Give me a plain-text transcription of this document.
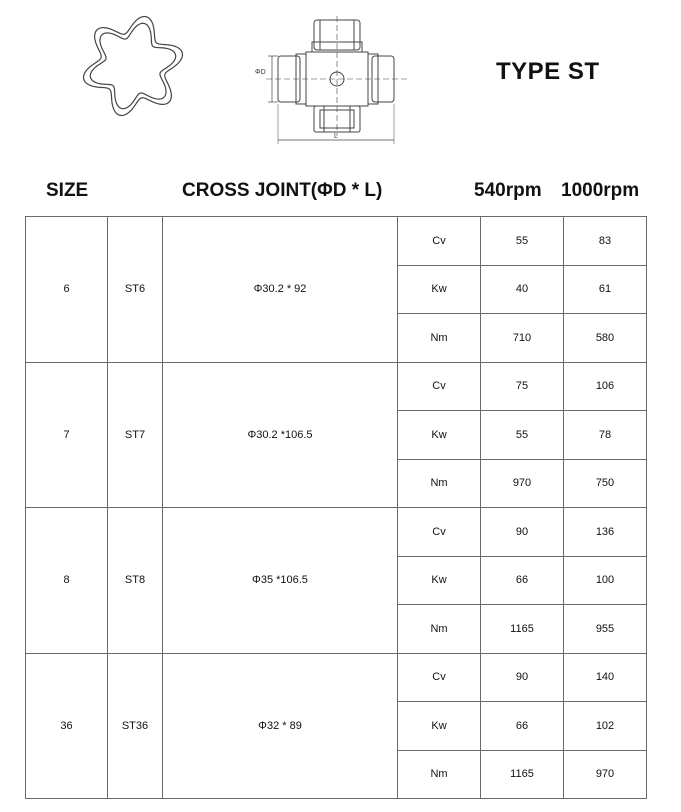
ΦD
L
TYPE ST
SIZE	CROSS JOINT(ΦD * L)	540rpm 1000rpm
6	ST6	Φ30.2 * 92	Cv	55	83
			Kw	40	61
			Nm	710	580
7	ST7	Φ30.2 *106.5	Cv	75	106
			Kw	55	78
			Nm	970	750
8	ST8	Φ35 *106.5	Cv	90	136
			Kw	66	100
			Nm	1165	955
36	ST36	Φ32 * 89	Cv	90	140
			Kw	66	102
			Nm	1165	970
